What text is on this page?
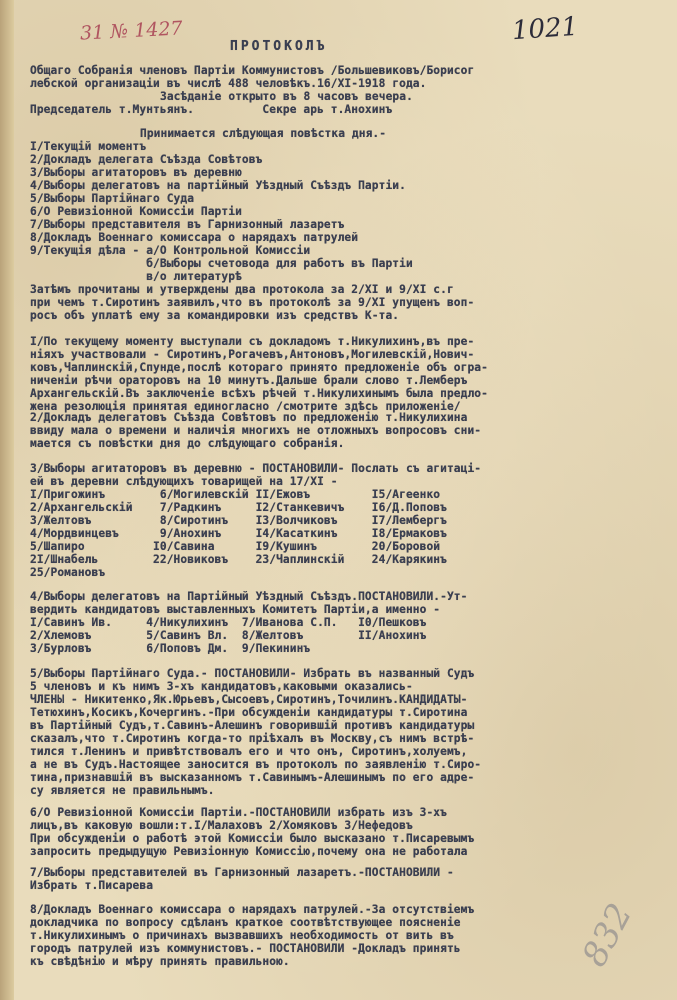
31 № 1427	1021
832
ПРОТОКОЛЪ
Общаго Собранія членовъ Партіи Коммунистовъ /Большевиковъ/Борисог
лебской организаціи въ числѣ 488 человѣкъ.16/XI-1918 года.
Засѣданіе открыто въ 8 часовъ вечера.
Председатель т.Мунтьянъ.          Секре арь т.Анохинъ
Принимается слѣдующая повѣстка дня.-
I/Текущій моментъ
2/Докладъ делегата Съѣзда Совѣтовъ
3/Выборы агитаторовъ въ деревню
4/Выборы делегатовъ на партійный Уѣздный Съѣздъ Партіи.
5/Выборы Партійнаго Суда
6/О Ревизіонной Комиссіи Партіи
7/Выборы представителя въ Гарнизонный лазаретъ
8/Докладъ Военнаго комиссара о нарядахъ патрулей
9/Текущія дѣла - а/О Контрольной Комиссіи
б/Выборы счетовода для работъ въ Партіи
в/о литературѣ
Затѣмъ прочитаны и утверждены два протокола за 2/XI и 9/XI с.г
при чемъ т.Сиротинъ заявилъ,что въ протоколѣ за 9/XI упущенъ воп-
росъ объ уплатѣ ему за командировки изъ средствъ К-та.
I/По текущему моменту выступали съ докладомъ т.Никулихинъ,въ пре-
ніяхъ участвовали - Сиротинъ,Рогачевъ,Антоновъ,Могилевскій,Нович-
ковъ,Чаплинскій,Спунде,послѣ котораго принято предложеніе объ огра-
ниченіи рѣчи ораторовъ на 10 минутъ.Дальше брали слово т.Лемберъ
Архангельскій.Въ заключеніе всѣхъ рѣчей т.Никулихинымъ была предло-
жена резолюція принятая единогласно /смотрите здѣсь приложеніе/
2/Докладъ делегатовъ Съѣзда Совѣтовъ по предложенію т.Никулихина
ввиду мала о времени и наличія многихъ не отложныхъ вопросовъ сни-
мается съ повѣстки дня до слѣдующаго собранія.
3/Выборы агитаторовъ въ деревню - ПОСТАНОВИЛИ- Послать съ агитаці-
ей въ деревни слѣдующихъ товарищей на 17/XI -
I/Пригожинъ        6/Могилевскій II/Ежовъ         I5/Агеенко
2/Архангельскій    7/Радкинъ     I2/Станкевичъ    I6/Д.Поповъ
3/Желтовъ          8/Сиротинъ    I3/Волчиковъ     I7/Лембергъ
4/Мордвинцевъ      9/Анохинъ     I4/Касаткинъ     I8/Ермаковъ
5/Шапиро          I0/Савина      I9/Кушинъ        20/Боровой
2I/Шнабель        22/Новиковъ    23/Чаплинскій    24/Карякинъ
25/Романовъ
4/Выборы делегатовъ на Партійный Уѣздный Съѣздъ.ПОСТАНОВИЛИ.-Ут-
вердить кандидатовъ выставленныхъ Комитетъ Партіи,а именно -
I/Савинъ Ив.     4/Никулихинъ  7/Иванова С.П.   I0/Пешковъ
2/Хлемовъ        5/Савинъ Вл.  8/Желтовъ        II/Анохинъ
3/Бурловъ        6/Поповъ Дм.  9/Пекининъ
5/Выборы Партійнаго Суда.- ПОСТАНОВИЛИ- Избрать въ названный Судъ
5 членовъ и къ нимъ 3-хъ кандидатовъ,каковыми оказались-
ЧЛЕНЫ - Никитенко,Як.Юрьевъ,Сысоевъ,Сиротинъ,Точилинъ.КАНДИДАТЫ-
Тетюхинъ,Косикъ,Кочергинъ.-При обсужденіи кандидатуры т.Сиротина
въ Партійный Судъ,т.Савинъ-Алешинъ говорившій противъ кандидатуры
сказалъ,что т.Сиротинъ когда-то пріѣхалъ въ Москву,съ нимъ встрѣ-
тился т.Ленинъ и привѣтствовалъ его и что онъ, Сиротинъ,холуемъ,
а не въ Судъ.Настоящее заносится въ протоколъ по заявленію т.Сиро-
тина,признавшій въ высказанномъ т.Савинымъ-Алешинымъ по его адре-
су является не правильнымъ.
6/О Ревизіонной Комиссіи Партіи.-ПОСТАНОВИЛИ избрать изъ 3-хъ
лицъ,въ каковую вошли:т.I/Малаховъ 2/Хомяковъ 3/Нефедовъ
При обсужденіи о работѣ этой Комиссіи было высказано т.Писаревымъ
запросить предыдущую Ревизіонную Комиссію,почему она не работала
7/Выборы представителей въ Гарнизонный лазаретъ.-ПОСТАНОВИЛИ -
Избрать т.Писарева
8/Докладъ Военнаго комиссара о нарядахъ патрулей.-За отсутствіемъ
докладчика по вопросу сдѣланъ краткое соотвѣтствующее поясненіе
т.Никулихинымъ о причинахъ вызвавшихъ необходимость от вить въ
городъ патрулей изъ коммунистовъ.- ПОСТАНОВИЛИ -Докладъ принять
къ свѣдѣнію и мѣру принять правильною.
